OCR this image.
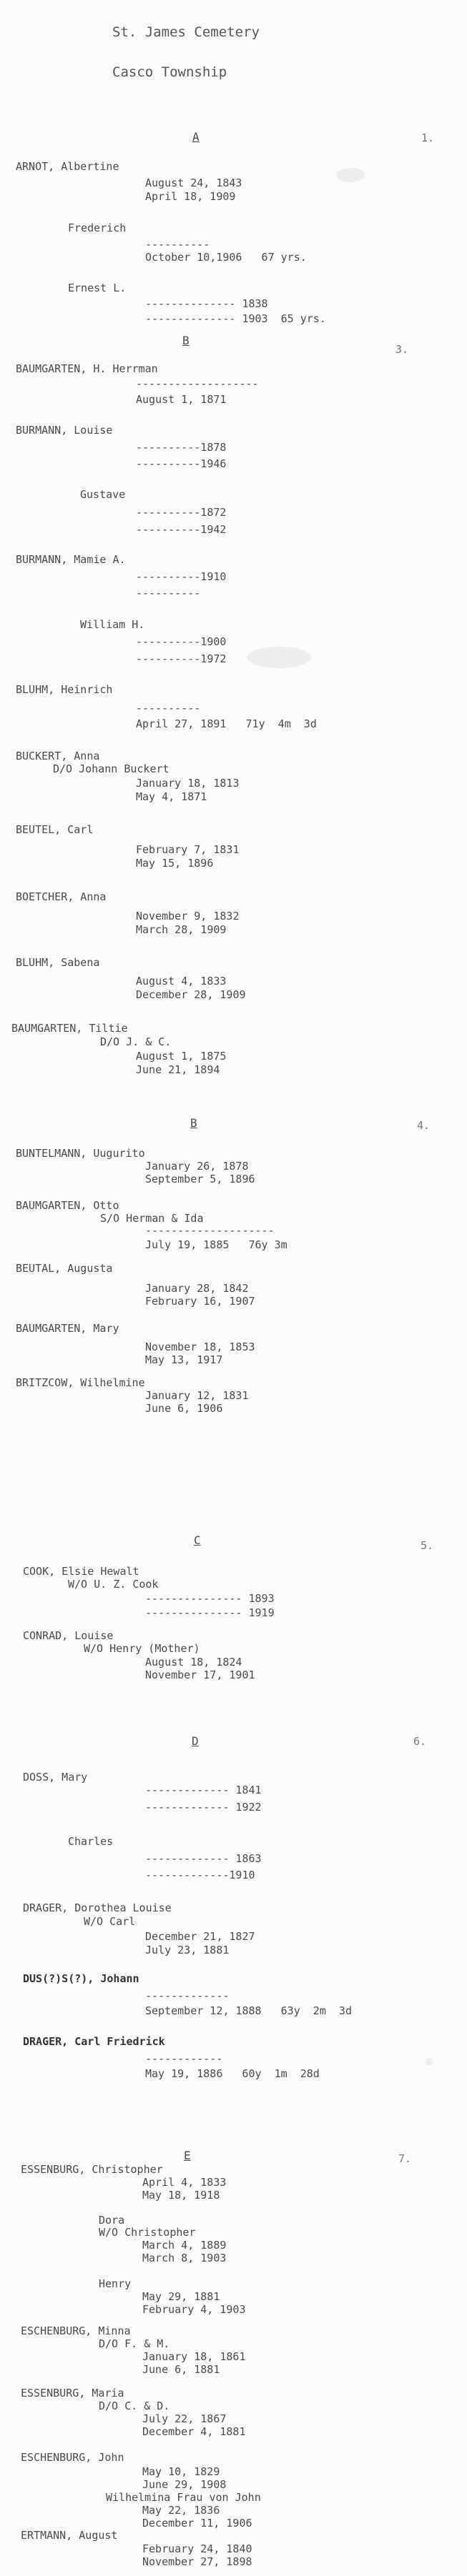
St. James Cemetery
Casco Township
A	1.
ARNOT, Albertine
August 24, 1843
April 18, 1909
Frederich
----------
October 10,1906   67 yrs.
Ernest L.
-------------- 1838
-------------- 1903  65 yrs.
B
3.
BAUMGARTEN, H. Herrman
-------------------
August 1, 1871
BURMANN, Louise
----------1878
----------1946
Gustave
----------1872
----------1942
BURMANN, Mamie A.
----------1910
----------
William H.
----------1900
----------1972
BLUHM, Heinrich
----------
April 27, 1891   71y  4m  3d
BUCKERT, Anna
D/O Johann Buckert
January 18, 1813
May 4, 1871
BEUTEL, Carl
February 7, 1831
May 15, 1896
BOETCHER, Anna
November 9, 1832
March 28, 1909
BLUHM, Sabena
August 4, 1833
December 28, 1909
BAUMGARTEN, Tiltie
D/O J. & C.
August 1, 1875
June 21, 1894
B	4.
BUNTELMANN, Uugurito
January 26, 1878
September 5, 1896
BAUMGARTEN, Otto
S/O Herman & Ida
--------------------
July 19, 1885   76y 3m
BEUTAL, Augusta
January 28, 1842
February 16, 1907
BAUMGARTEN, Mary
November 18, 1853
May 13, 1917
BRITZCOW, Wilhelmine
January 12, 1831
June 6, 1906
C	5.
COOK, Elsie Hewalt
W/O U. Z. Cook
--------------- 1893
--------------- 1919
CONRAD, Louise
W/O Henry (Mother)
August 18, 1824
November 17, 1901
D	6.
DOSS, Mary
------------- 1841
------------- 1922
Charles
------------- 1863
-------------1910
DRAGER, Dorothea Louise
W/O Carl
December 21, 1827
July 23, 1881
DUS(?)S(?), Johann
-------------
September 12, 1888   63y  2m  3d
DRAGER, Carl Friedrick
------------
May 19, 1886   60y  1m  28d
E	7.
ESSENBURG, Christopher
April 4, 1833
May 18, 1918
Dora
W/O Christopher
March 4, 1889
March 8, 1903
Henry
May 29, 1881
February 4, 1903
ESCHENBURG, Minna
D/O F. & M.
January 18, 1861
June 6, 1881
ESSENBURG, Maria
D/O C. & D.
July 22, 1867
December 4, 1881
ESCHENBURG, John
May 10, 1829
June 29, 1908
Wilhelmina Frau von John
May 22, 1836
December 11, 1906
ERTMANN, August
February 24, 1840
November 27, 1898
